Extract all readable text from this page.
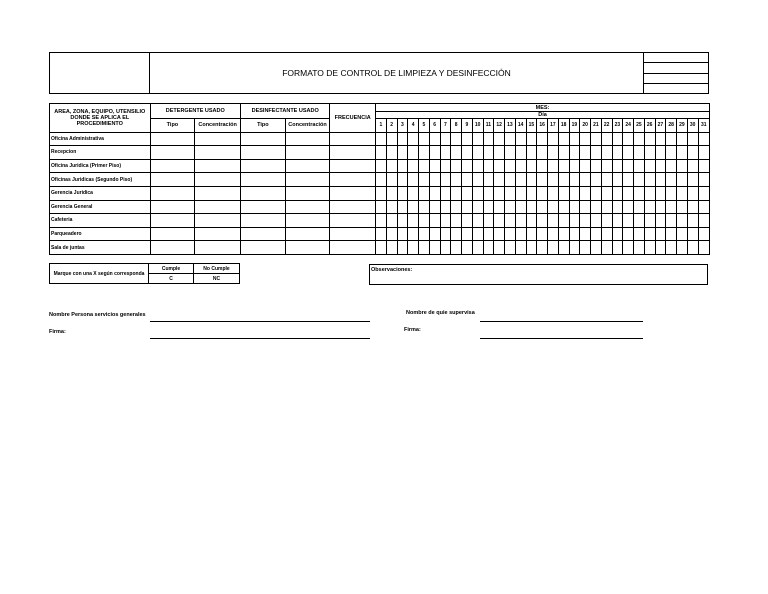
	FORMATO DE CONTROL DE LIMPIEZA Y DESINFECCIÓN	

AREA, ZONA, EQUIPO, UTENSILIO DONDE SE APLICA EL PROCEDIMIENTO	DETERGENTE USADO		DESINFECTANTE USADO		FRECUENCIA	MES:																														
						Día																														
	Tipo	Concentración	Tipo	Concentración		1	2	3	4	5	6	7	8	9	10	11	12	13	14	15	16	17	18	19	20	21	22	23	24	25	26	27	28	29	30	31

Oficina Administrativa																																				
Recepcion																																				
Oficina Juridica (Primer Piso)																																				
Oficinas Juridicas (Segundo Piso)																																				
Gerencia Juridica																																				
Gerencia General																																				
Cafeteria																																				
Parqueadero																																				
Sala de juntas																																				
Marque con una X según corresponda	Cumple	No Cumple
	C	NC
Observaciones:
Nombre Persona servicios generales
Firma:
Nombre de quie supervisa
Firma:
